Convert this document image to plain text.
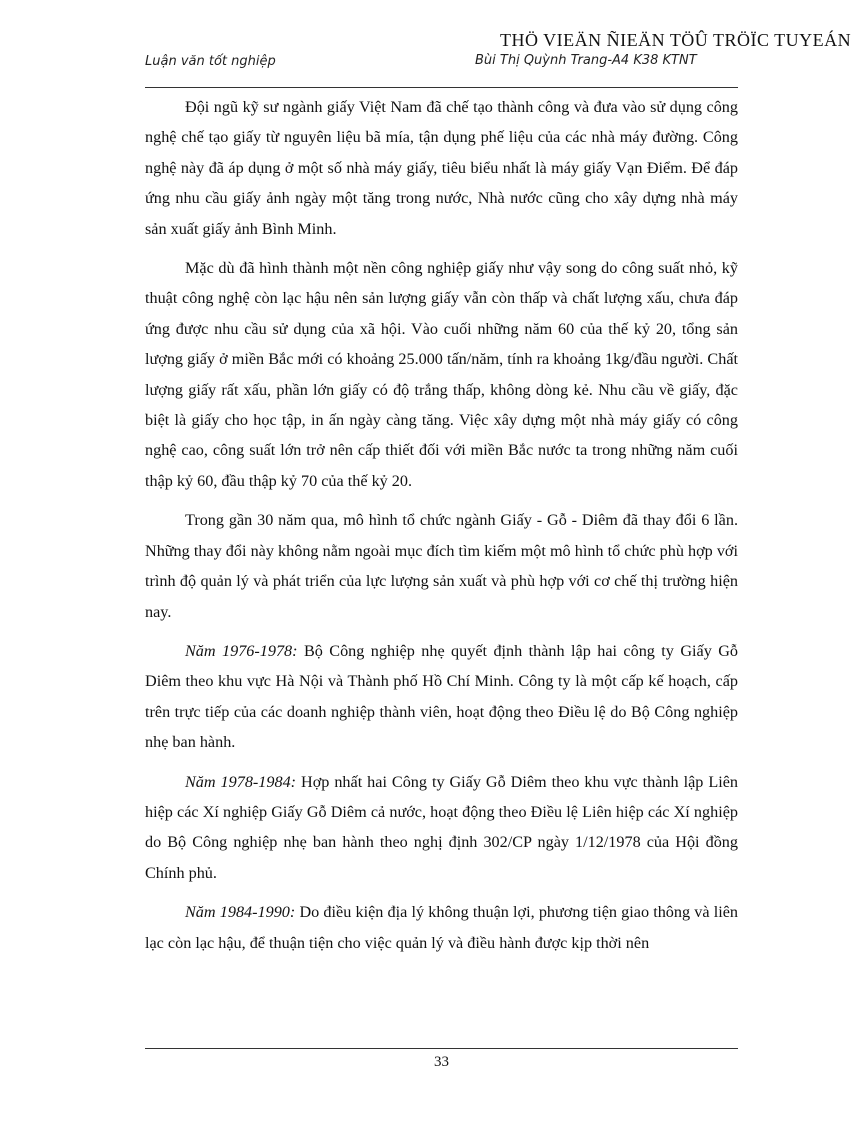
THÖ VIEÄN ÑIEÄN TÖÛ TRÖÏC TUYEÁN
Luận văn tốt nghiệp	Bùi Thị Quỳnh Trang-A4 K38 KTNT

Đội ngũ kỹ sư ngành giấy Việt Nam đã chế tạo thành công và đưa vào sử dụng công nghệ chế tạo giấy từ nguyên liệu bã mía, tận dụng phế liệu của các nhà máy đường. Công nghệ này đã áp dụng ở một số nhà máy giấy, tiêu biểu nhất là máy giấy Vạn Điểm. Để đáp ứng nhu cầu giấy ảnh ngày một tăng trong nước, Nhà nước cũng cho xây dựng nhà máy sản xuất giấy ảnh Bình Minh.

Mặc dù đã hình thành một nền công nghiệp giấy như vậy song do công suất nhỏ, kỹ thuật công nghệ còn lạc hậu nên sản lượng giấy vẫn còn thấp và chất lượng xấu, chưa đáp ứng được nhu cầu sử dụng của xã hội. Vào cuối những năm 60 của thế kỷ 20, tổng sản lượng giấy ở miền Bắc mới có khoảng 25.000 tấn/năm, tính ra khoảng 1kg/đầu người. Chất lượng giấy rất xấu, phần lớn giấy có độ trắng thấp, không dòng kẻ. Nhu cầu về giấy, đặc biệt là giấy cho học tập, in ấn ngày càng tăng. Việc xây dựng một nhà máy giấy có công nghệ cao, công suất lớn trở nên cấp thiết đối với miền Bắc nước ta trong những năm cuối thập kỷ 60, đầu thập kỷ 70 của thế kỷ 20.

Trong gần 30 năm qua, mô hình tổ chức ngành Giấy - Gỗ - Diêm đã thay đổi 6 lần. Những thay đổi này không nằm ngoài mục đích tìm kiếm một mô hình tổ chức phù hợp với trình độ quản lý và phát triển của lực lượng sản xuất và phù hợp với cơ chế thị trường hiện nay.

Năm 1976-1978: Bộ Công nghiệp nhẹ quyết định thành lập hai công ty Giấy Gỗ Diêm theo khu vực Hà Nội và Thành phố Hồ Chí Minh. Công ty là một cấp kế hoạch, cấp trên trực tiếp của các doanh nghiệp thành viên, hoạt động theo Điều lệ do Bộ Công nghiệp nhẹ ban hành.

Năm 1978-1984: Hợp nhất hai Công ty Giấy Gỗ Diêm theo khu vực thành lập Liên hiệp các Xí nghiệp Giấy Gỗ Diêm cả nước, hoạt động theo Điều lệ Liên hiệp các Xí nghiệp do Bộ Công nghiệp nhẹ ban hành theo nghị định 302/CP ngày 1/12/1978 của Hội đồng Chính phủ.

Năm 1984-1990: Do điều kiện địa lý không thuận lợi, phương tiện giao thông và liên lạc còn lạc hậu, để thuận tiện cho việc quản lý và điều hành được kịp thời nên

33
